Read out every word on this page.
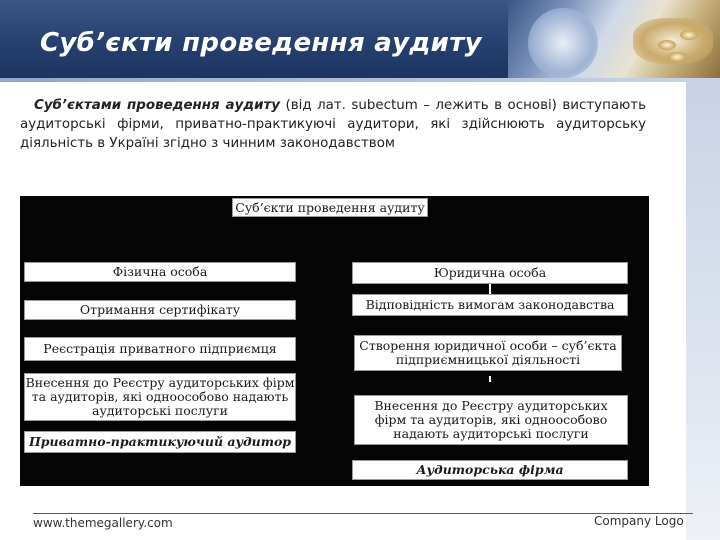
Суб’єкти проведення аудиту
Суб’єктами проведення аудиту (від лат. subectum – лежить в основі) виступають аудиторські фірми, приватно-практикуючі аудитори, які здійснюють аудиторську діяльність в Україні згідно з чинним законодавством
Суб’єкти проведення аудиту
Фізична особа
Отримання сертифікату
Реєстрація приватного підприємця
Внесення до Реєстру аудиторських фірм та аудиторів, які одноособово надають аудиторські послуги
Приватно-практикуючий аудитор
Юридична особа
Відповідність вимогам законодавства
Створення юридичної особи – суб’єкта підприємницької діяльності
Внесення до Реєстру аудиторських фірм та аудиторів, які одноособово надають аудиторські послуги
Аудиторська фірма
www.themegallery.com	Company Logo
